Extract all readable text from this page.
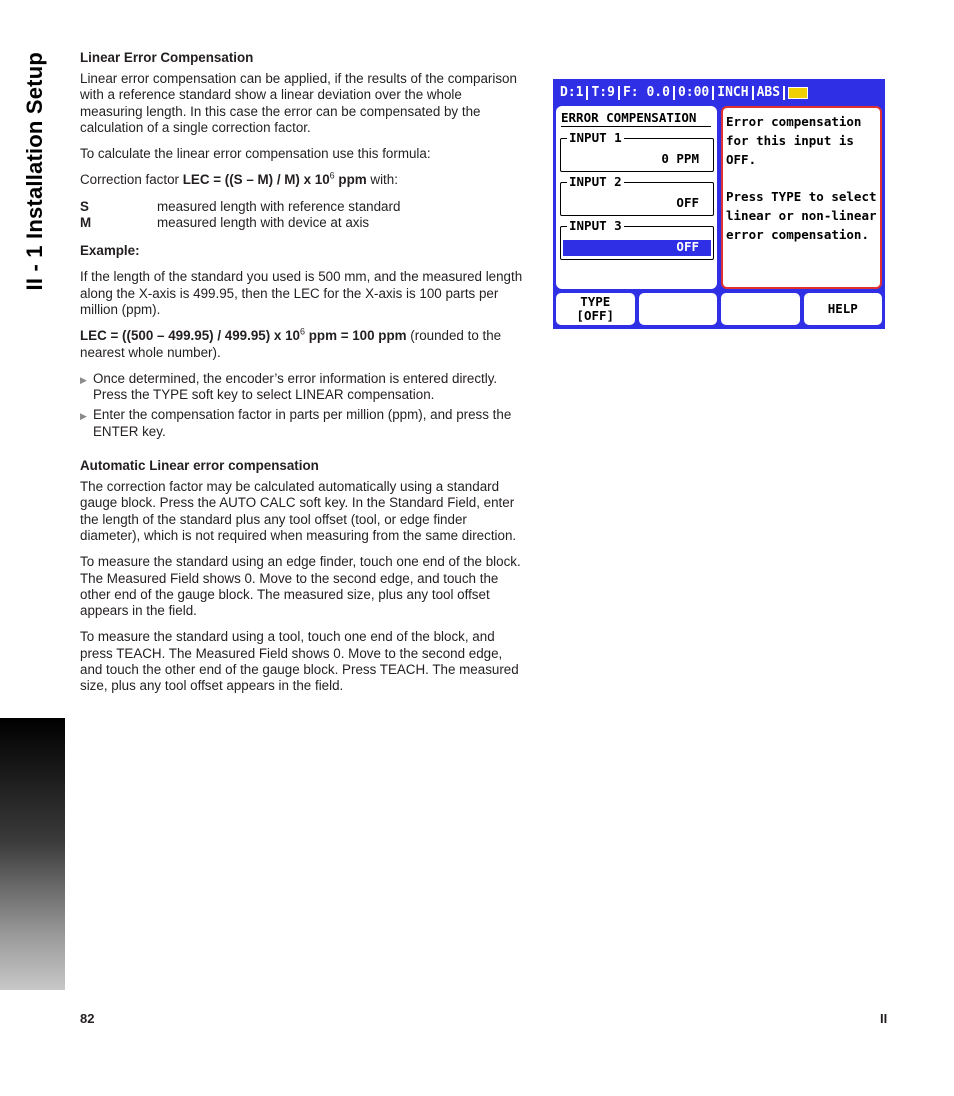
II - 1 Installation Setup Linear Error Compensation

Linear error compensation can be applied, if the results of the comparison with a reference standard show a linear deviation over the whole measuring length. In this case the error can be compensated by the calculation of a single correction factor.

To calculate the linear error compensation use this formula:

Correction factor LEC = ((S – M) / M) x $10^6$ ppm with:

S	measured length with reference standard
M	measured length with device at axis
Example:

If the length of the standard you used is 500 mm, and the measured length along the X-axis is 499.95, then the LEC for the X-axis is 100 parts per million (ppm).

LEC = ((500 – 499.95) / 499.95) x $10^6$ ppm = 100 ppm (rounded to the nearest whole number).

▶ Once determined, the encoder’s error information is entered directly. Press the TYPE soft key to select LINEAR compensation.
▶ Enter the compensation factor in parts per million (ppm), and press the ENTER key.
Automatic Linear error compensation

The correction factor may be calculated automatically using a standard gauge block. Press the AUTO CALC soft key. In the Standard Field, enter the length of the standard plus any tool offset (tool, or edge finder diameter), which is not required when measuring from the same direction.

To measure the standard using an edge finder, touch one end of the block. The Measured Field shows 0. Move to the second edge, and touch the other end of the gauge block. The measured size, plus any tool offset appears in the field.

To measure the standard using a tool, touch one end of the block, and press TEACH. The Measured Field shows 0. Move to the second edge, and touch the other end of the gauge block. Press TEACH. The measured size, plus any tool offset appears in the field.

D:1 T:9 F: 0.0 0:00 INCH ABS
ERROR COMPENSATION
INPUT 1
0 PPM
INPUT 2
OFF
INPUT 3
OFF

Error compensation

for this input is OFF.

Press TYPE to select

linear or non-linear

error compensation.

TYPE
[OFF]	HELP
82	II
